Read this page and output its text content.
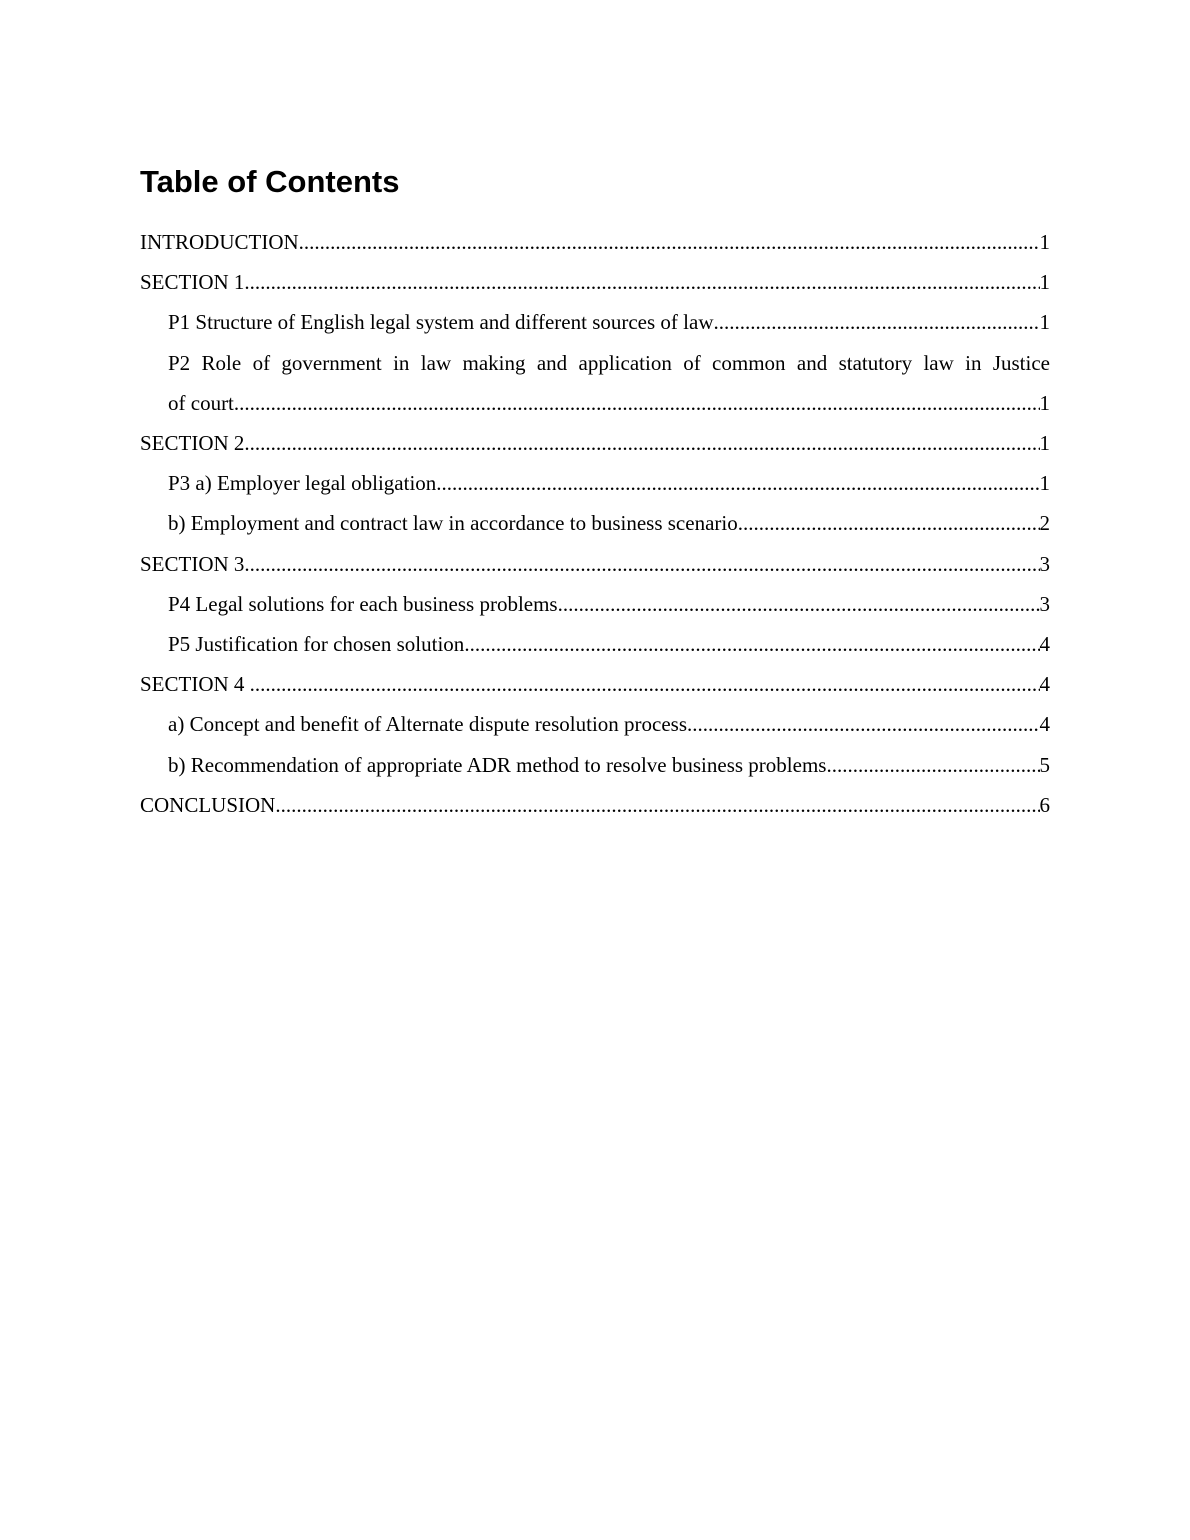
Table of Contents
INTRODUCTION .....	1
SECTION 1 .....	1
P1 Structure of English legal system and different sources of law .....	1
P2 Role of government in law making and application of common and statutory law in Justice
of court .....	1
SECTION 2 .....	1
P3 a) Employer legal obligation .....	1
b) Employment and contract law in accordance to business scenario .....	2
SECTION 3 .....	3
P4 Legal solutions for each business problems .....	3
P5 Justification for chosen solution .....	4
SECTION 4 .....	4
a) Concept and benefit of Alternate dispute resolution process .....	4
b) Recommendation of appropriate ADR method to resolve business problems .....	5
CONCLUSION .....	6
